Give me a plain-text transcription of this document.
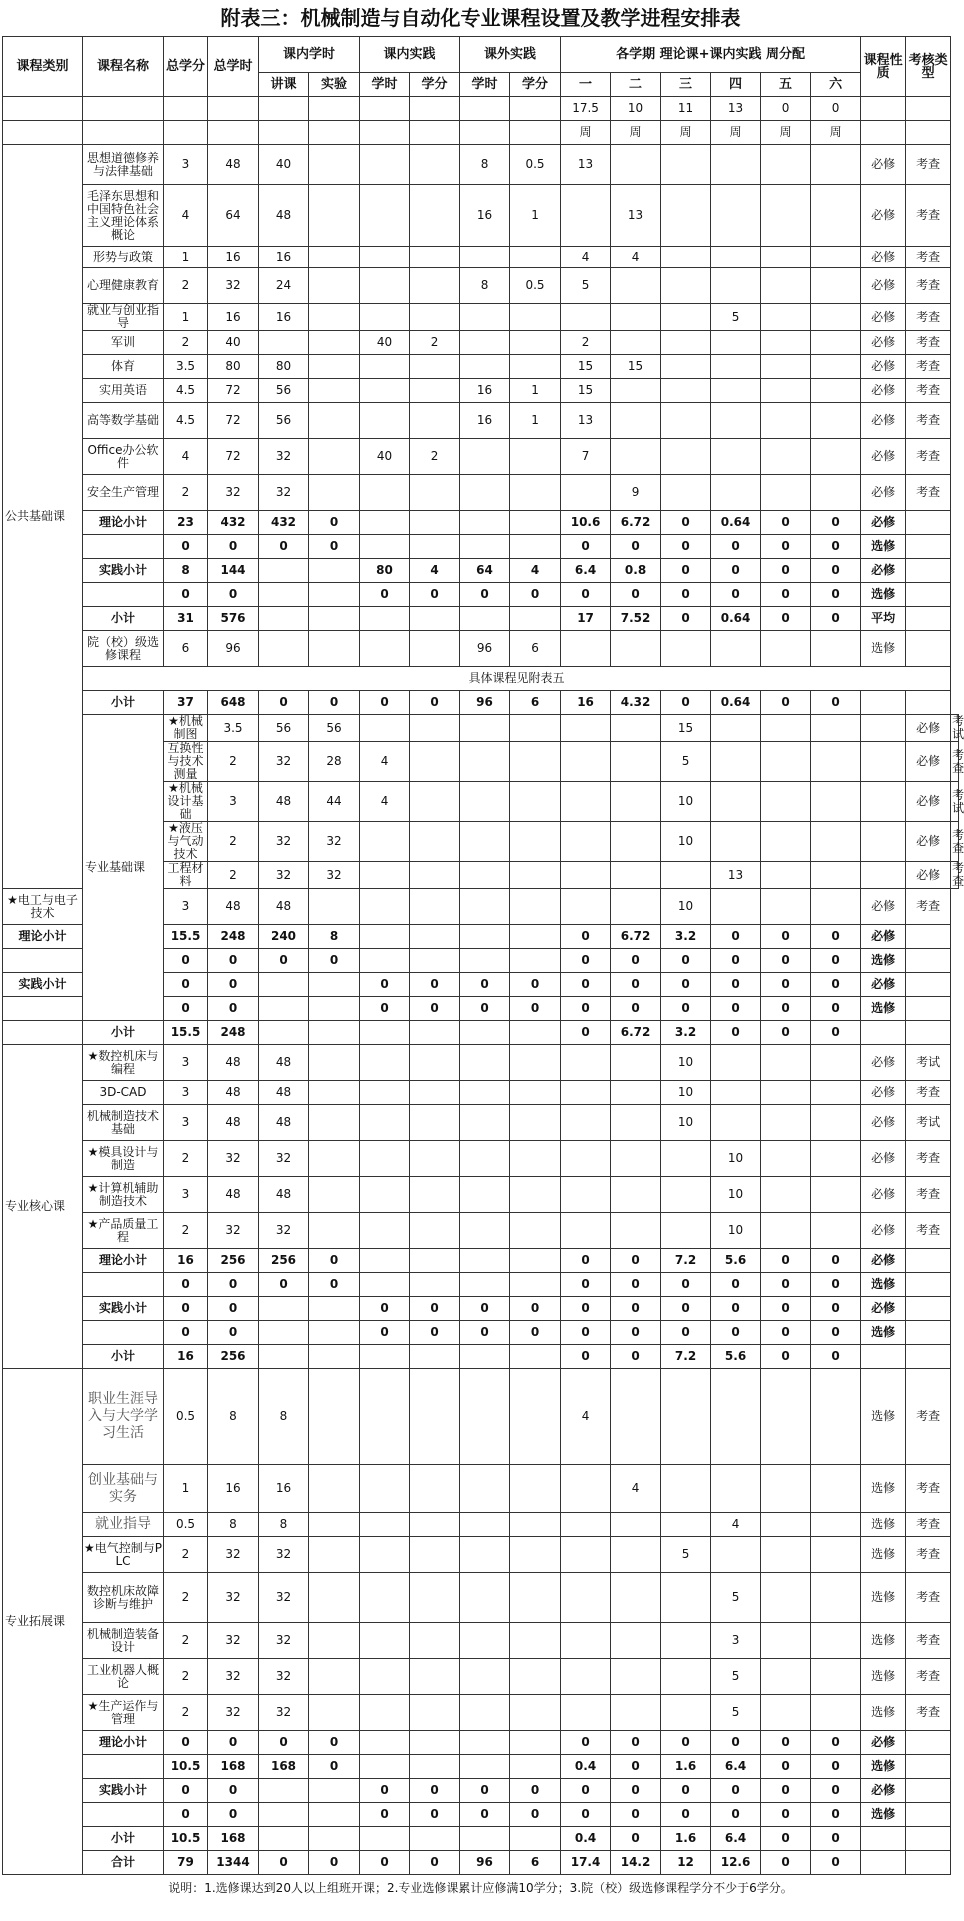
附表三：机械制造与自动化专业课程设置及教学进程安排表
课程类别	课程名称	总学分	总学时	课内学时		课内实践		课外实践		各学期 理论课+课内实践 周分配						课程性质	考核类型	
				讲课	实验	学时	学分	学时	学分	一	二	三	四	五	六			
										17.5	10	11	13	0	0			
										周	周	周	周	周	周			
公共基础课	思想道德修养与法律基础	3	48	40				8	0.5	13						必修	考查	
	毛泽东思想和中国特色社会主义理论体系概论	4	64	48				16	1		13					必修	考查	
	形势与政策	1	16	16						4	4					必修	考查	
	心理健康教育	2	32	24				8	0.5	5						必修	考查	
	就业与创业指导	1	16	16									5			必修	考查	
	军训	2	40			40	2			2						必修	考查	
	体育	3.5	80	80						15	15					必修	考查	
	实用英语	4.5	72	56				16	1	15						必修	考查	
	高等数学基础	4.5	72	56				16	1	13						必修	考查	
	Office办公软件	4	72	32		40	2			7						必修	考查	
	安全生产管理	2	32	32							9					必修	考查	
	理论小计	23	432	432	0					10.6	6.72	0	0.64	0	0	必修		
		0	0	0	0					0	0	0	0	0	0	选修		
	实践小计	8	144			80	4	64	4	6.4	0.8	0	0	0	0	必修		
		0	0			0	0	0	0	0	0	0	0	0	0	选修		
	小计	31	576							17	7.52	0	0.64	0	0	平均		
	院（校）级选修课程	6	96					96	6							选修		
	具体课程见附表五																	
	小计	37	648	0	0	0	0	96	6	16	4.32	0	0.64	0	0			
	专业基础课	★机械制图	3.5	56	56							15					必修	考试
		互换性与技术测量	2	32	28	4						5					必修	考查
		★机械设计基础	3	48	44	4						10					必修	考试
		★液压与气动技术	2	32	32							10					必修	考查
		工程材料	2	32	32								13				必修	考查
★电工与电子技术		3	48	48								10				必修	考查	
理论小计		15.5	248	240	8					0	6.72	3.2	0	0	0	必修		
		0	0	0	0					0	0	0	0	0	0	选修		
实践小计		0	0			0	0	0	0	0	0	0	0	0	0	必修		
		0	0			0	0	0	0	0	0	0	0	0	0	选修		
	小计	15.5	248							0	6.72	3.2	0	0	0			
专业核心课	★数控机床与编程	3	48	48								10				必修	考试	
	3D-CAD	3	48	48								10				必修	考查	
	机械制造技术基础	3	48	48								10				必修	考试	
	★模具设计与制造	2	32	32									10			必修	考查	
	★计算机辅助制造技术	3	48	48									10			必修	考查	
	★产品质量工程	2	32	32									10			必修	考查	
	理论小计	16	256	256	0					0	0	7.2	5.6	0	0	必修		
		0	0	0	0					0	0	0	0	0	0	选修		
	实践小计	0	0			0	0	0	0	0	0	0	0	0	0	必修		
		0	0			0	0	0	0	0	0	0	0	0	0	选修		
	小计	16	256							0	0	7.2	5.6	0	0			
专业拓展课	职业生涯导入与大学学习生活	0.5	8	8						4						选修	考查	
	创业基础与实务	1	16	16							4					选修	考查	
	就业指导	0.5	8	8									4			选修	考查	
	★电气控制与PLC	2	32	32								5				选修	考查	
	数控机床故障诊断与维护	2	32	32									5			选修	考查	
	机械制造装备设计	2	32	32									3			选修	考查	
	工业机器人概论	2	32	32									5			选修	考查	
	★生产运作与管理	2	32	32									5			选修	考查	
	理论小计	0	0	0	0					0	0	0	0	0	0	必修		
		10.5	168	168	0					0.4	0	1.6	6.4	0	0	选修		
	实践小计	0	0			0	0	0	0	0	0	0	0	0	0	必修		
		0	0			0	0	0	0	0	0	0	0	0	0	选修		
	小计	10.5	168							0.4	0	1.6	6.4	0	0			
	合计	79	1344	0	0	0	0	96	6	17.4	14.2	12	12.6	0	0			
说明：1.选修课达到20人以上组班开课；2.专业选修课累计应修满10学分；3.院（校）级选修课程学分不少于6学分。
